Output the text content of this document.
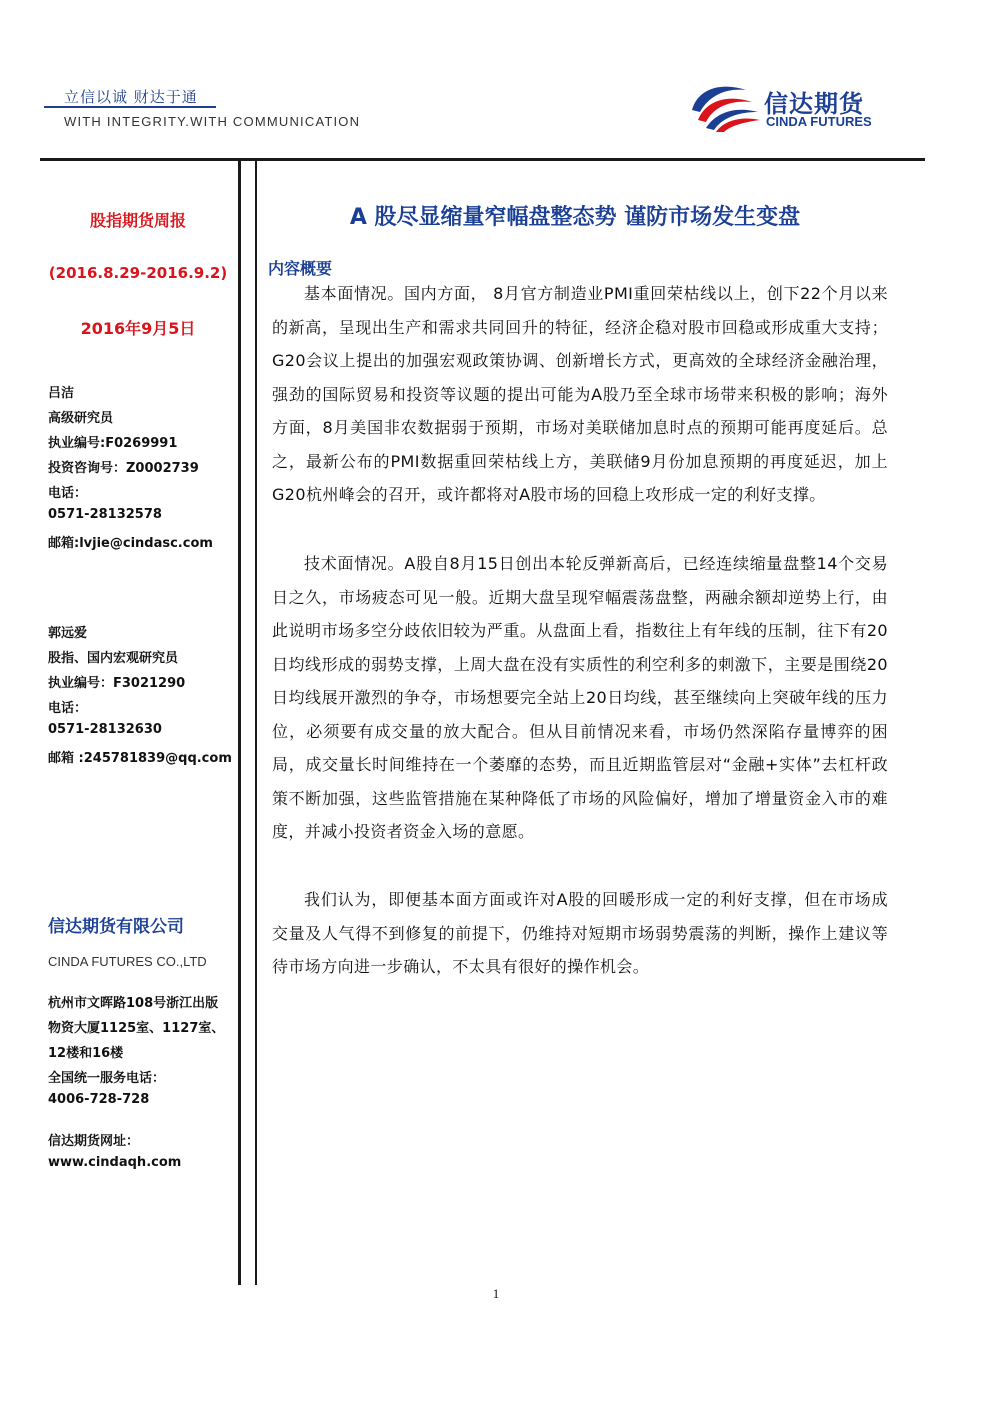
立信以诚 财达于通
WITH INTEGRITY.WITH COMMUNICATION
信达期货
CINDA FUTURES
股指期货周报
(2016.8.29-2016.9.2)
2016年9月5日
吕洁
高级研究员
执业编号:F0269991
投资咨询号：Z0002739
电话：
0571-28132578
邮箱:lvjie@cindasc.com
郭远爱
股指、国内宏观研究员
执业编号：F3021290
电话：
0571-28132630
邮箱 :245781839@qq.com
信达期货有限公司
CINDA FUTURES CO.,LTD
杭州市文晖路108号浙江出版
物资大厦1125室、1127室、
12楼和16楼
全国统一服务电话：
4006-728-728
信达期货网址：
www.cindaqh.com
A 股尽显缩量窄幅盘整态势 谨防市场发生变盘
内容概要

基本面情况。国内方面， 8月官方制造业PMI重回荣枯线以上，创下22个月以来的新高，呈现出生产和需求共同回升的特征，经济企稳对股市回稳或形成重大支持；G20会议上提出的加强宏观政策协调、创新增长方式，更高效的全球经济金融治理，强劲的国际贸易和投资等议题的提出可能为A股乃至全球市场带来积极的影响；海外方面，8月美国非农数据弱于预期，市场对美联储加息时点的预期可能再度延后。总之，最新公布的PMI数据重回荣枯线上方，美联储9月份加息预期的再度延迟，加上G20杭州峰会的召开，或许都将对A股市场的回稳上攻形成一定的利好支撑。

技术面情况。A股自8月15日创出本轮反弹新高后，已经连续缩量盘整14个交易日之久，市场疲态可见一般。近期大盘呈现窄幅震荡盘整，两融余额却逆势上行，由此说明市场多空分歧依旧较为严重。从盘面上看，指数往上有年线的压制，往下有20日均线形成的弱势支撑，上周大盘在没有实质性的利空利多的刺激下，主要是围绕20日均线展开激烈的争夺，市场想要完全站上20日均线，甚至继续向上突破年线的压力位，必须要有成交量的放大配合。但从目前情况来看，市场仍然深陷存量博弈的困局，成交量长时间维持在一个萎靡的态势，而且近期监管层对“金融+实体”去杠杆政策不断加强，这些监管措施在某种降低了市场的风险偏好，增加了增量资金入市的难度，并减小投资者资金入场的意愿。

我们认为，即便基本面方面或许对A股的回暖形成一定的利好支撑，但在市场成交量及人气得不到修复的前提下，仍维持对短期市场弱势震荡的判断，操作上建议等待市场方向进一步确认，不太具有很好的操作机会。

1
